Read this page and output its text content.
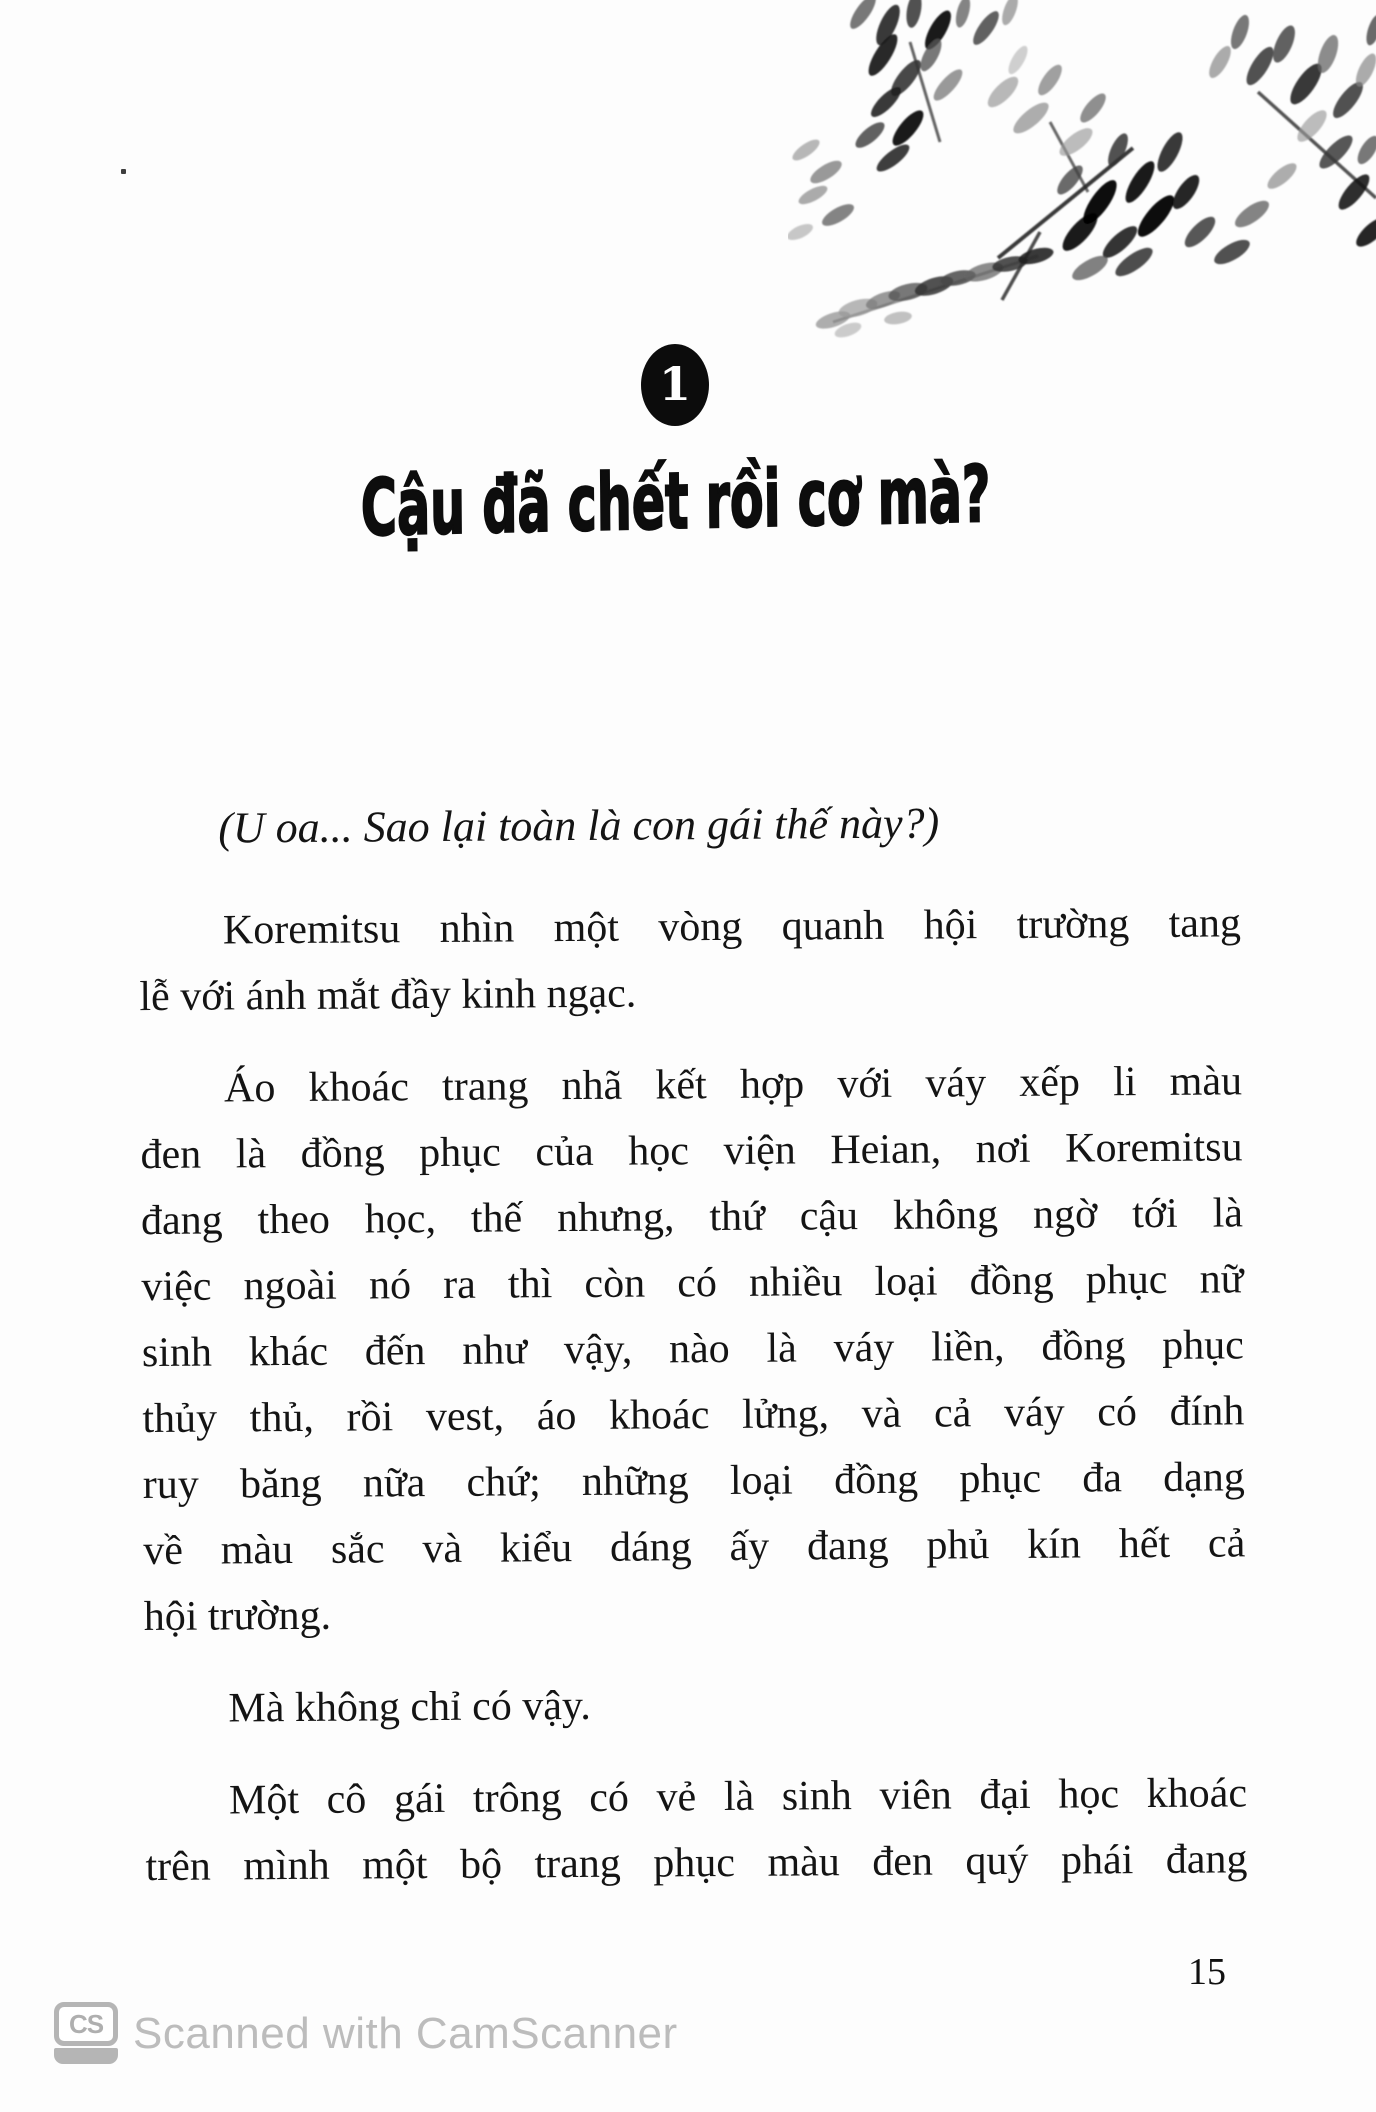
1
Cậu đã chết rồi cơ mà?

(U oa... Sao lại toàn là con gái thế này?)

Koremitsu nhìn một vòng quanh hội trường tang
lễ với ánh mắt đầy kinh ngạc.
Áo khoác trang nhã kết hợp với váy xếp li màu
đen là đồng phục của học viện Heian, nơi Koremitsu
đang theo học, thế nhưng, thứ cậu không ngờ tới là
việc ngoài nó ra thì còn có nhiều loại đồng phục nữ
sinh khác đến như vậy, nào là váy liền, đồng phục
thủy thủ, rồi vest, áo khoác lửng, và cả váy có đính
ruy băng nữa chứ; những loại đồng phục đa dạng
về màu sắc và kiểu dáng ấy đang phủ kín hết cả
hội trường.
Mà không chỉ có vậy.
Một cô gái trông có vẻ là sinh viên đại học khoác
trên mình một bộ trang phục màu đen quý phái đang
15
CS Scanned with CamScanner
